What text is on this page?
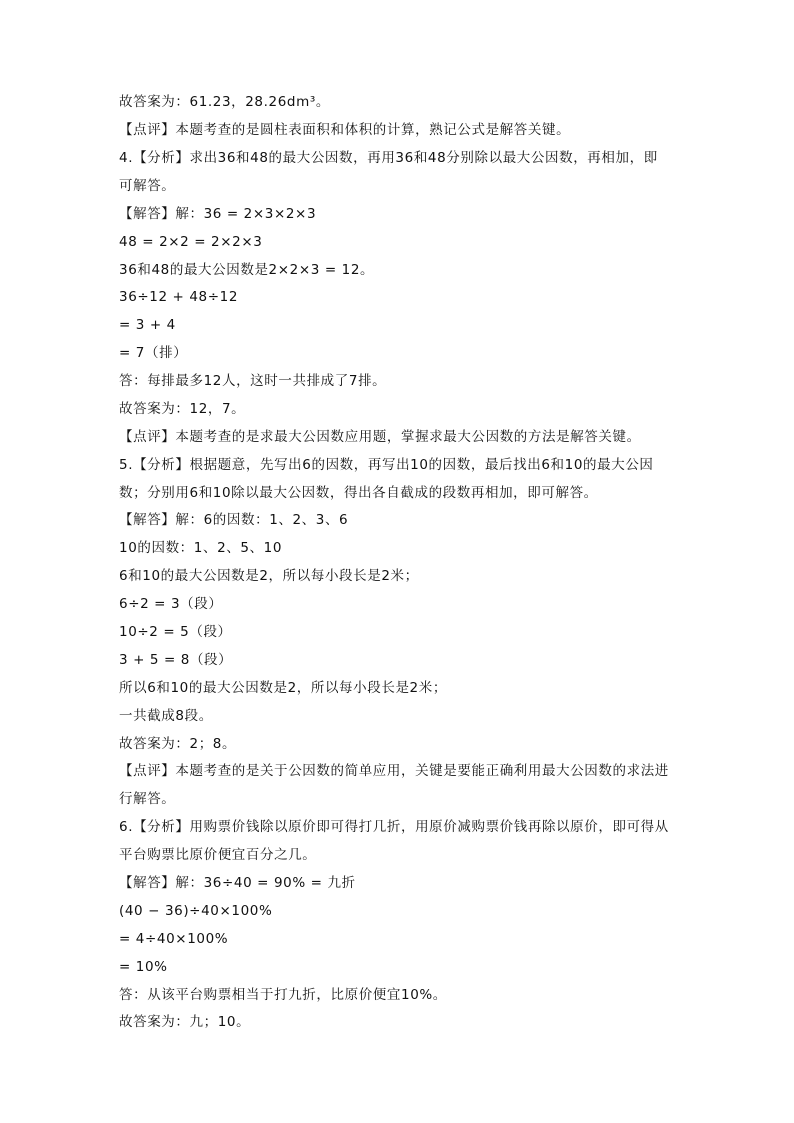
故答案为：61.23，28.26dm³。
【点评】本题考查的是圆柱表面积和体积的计算，熟记公式是解答关键。
4.【分析】求出36和48的最大公因数，再用36和48分别除以最大公因数，再相加，即
可解答。
【解答】解：36 = 2×3×2×3
48 = 2×2 = 2×2×3
36和48的最大公因数是2×2×3 = 12。
36÷12 + 48÷12
= 3 + 4
= 7（排）
答：每排最多12人，这时一共排成了7排。
故答案为：12，7。
【点评】本题考查的是求最大公因数应用题，掌握求最大公因数的方法是解答关键。
5.【分析】根据题意，先写出6的因数，再写出10的因数，最后找出6和10的最大公因
数；分别用6和10除以最大公因数，得出各自截成的段数再相加，即可解答。
【解答】解：6的因数：1、2、3、6
10的因数：1、2、5、10
6和10的最大公因数是2，所以每小段长是2米；
6÷2 = 3（段）
10÷2 = 5（段）
3 + 5 = 8（段）
所以6和10的最大公因数是2，所以每小段长是2米；
一共截成8段。
故答案为：2；8。
【点评】本题考查的是关于公因数的简单应用，关键是要能正确利用最大公因数的求法进
行解答。
6.【分析】用购票价钱除以原价即可得打几折，用原价减购票价钱再除以原价，即可得从
平台购票比原价便宜百分之几。
【解答】解：36÷40 = 90% = 九折
(40 − 36)÷40×100%
= 4÷40×100%
= 10%
答：从该平台购票相当于打九折，比原价便宜10%。
故答案为：九；10。
